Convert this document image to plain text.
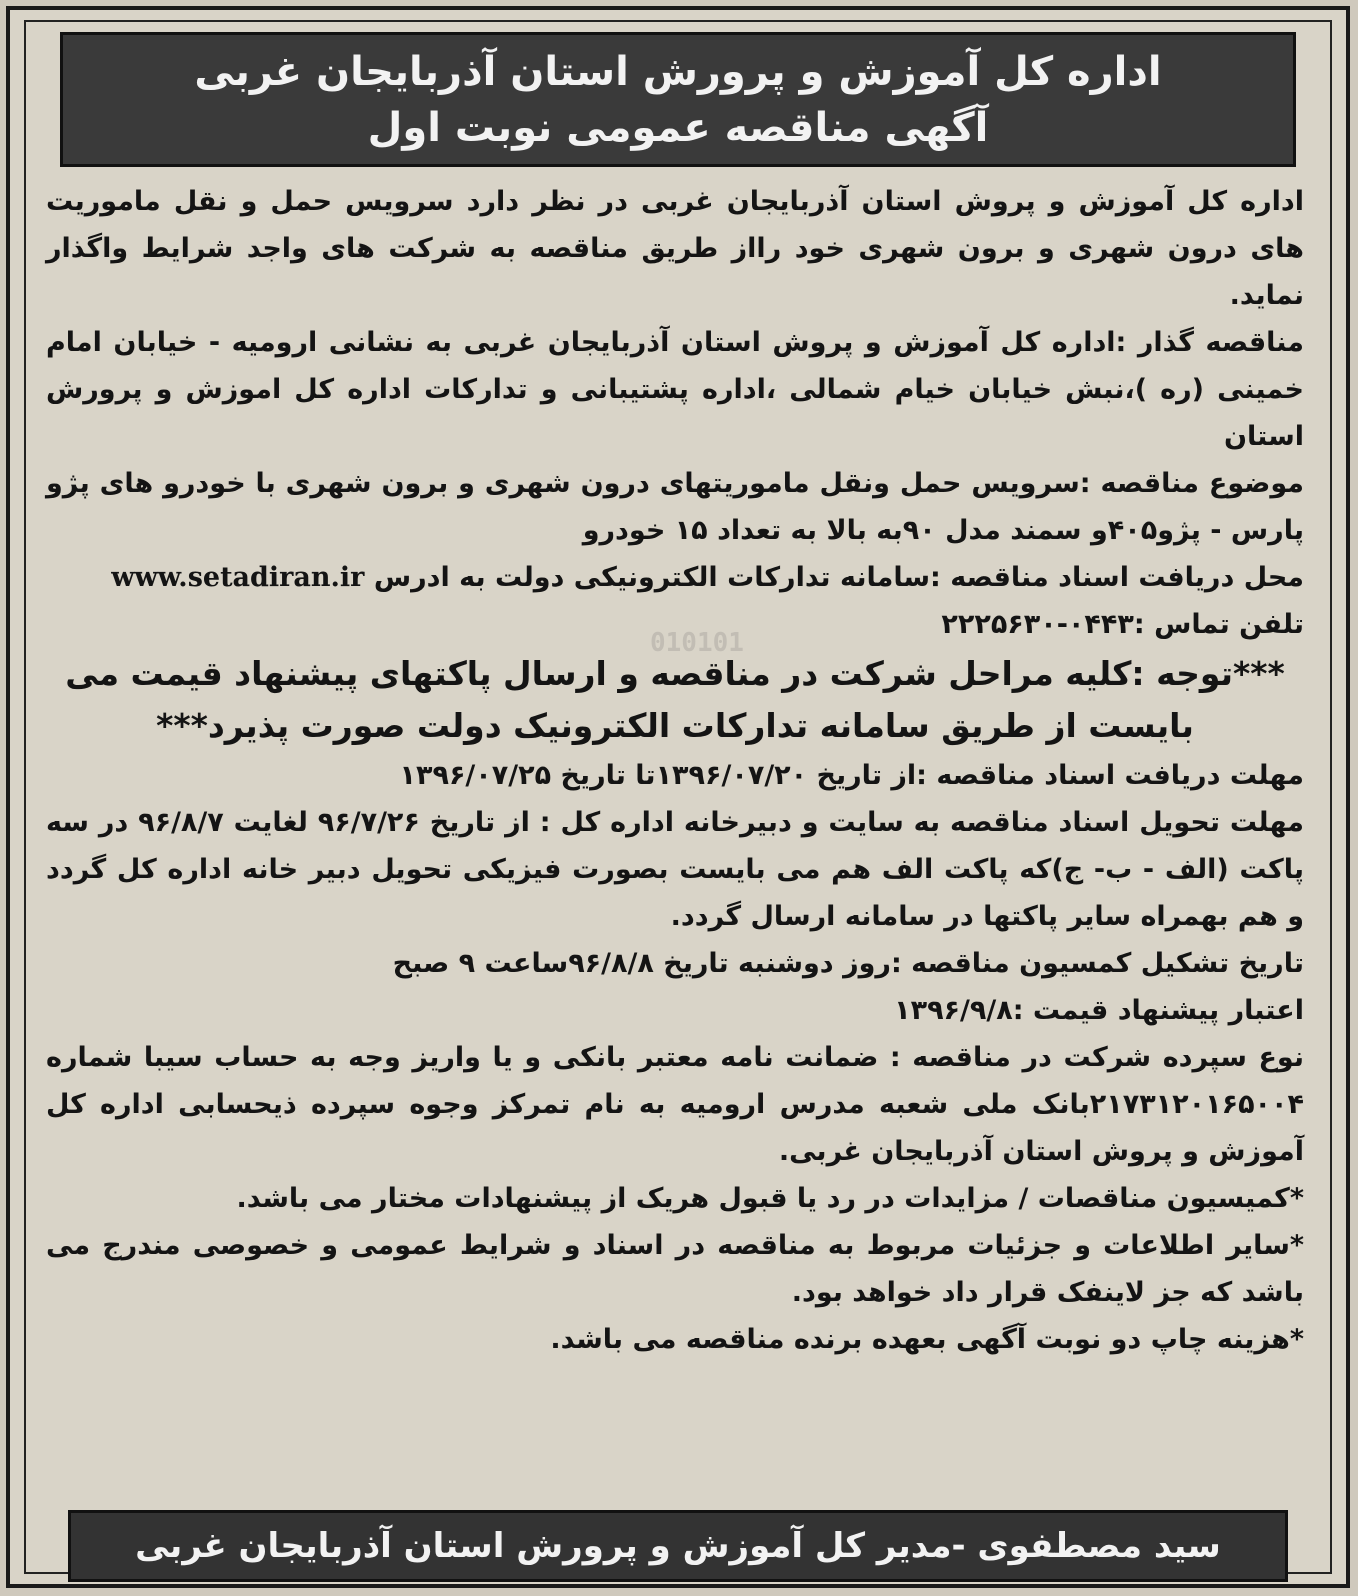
اداره کل آموزش و پرورش استان آذربایجان غربی
آگهی مناقصه عمومی نوبت اول

اداره کل آموزش و پروش استان آذربایجان غربی در نظر دارد سرویس حمل و نقل ماموریت های درون شهری و برون شهری خود رااز طریق مناقصه به شرکت های واجد شرایط واگذار نماید.

مناقصه گذار :اداره کل آموزش و پروش استان آذربایجان غربی به نشانی ارومیه - خیابان امام خمینی (ره )،نبش خیابان خیام شمالی ،اداره پشتیبانی و تدارکات اداره کل اموزش و پرورش استان

موضوع مناقصه :سرویس حمل ونقل ماموریتهای درون شهری و برون شهری با خودرو های پژو پارس - پژو۴۰۵و سمند مدل ۹۰به بالا به تعداد ۱۵ خودرو

محل دریافت اسناد مناقصه :سامانه تدارکات الکترونیکی دولت به ادرس www.setadiran.ir

تلفن تماس :۰۴۴۳-۲۲۲۵۶۳۰

***توجه :کلیه مراحل شرکت در مناقصه و ارسال پاکتهای پیشنهاد قیمت می بایست از طریق سامانه تدارکات الکترونیک دولت صورت پذیرد***

مهلت دریافت اسناد مناقصه :از تاریخ ۱۳۹۶/۰۷/۲۰تا تاریخ ۱۳۹۶/۰۷/۲۵

مهلت تحویل اسناد مناقصه به سایت و دبیرخانه اداره کل : از تاریخ ۹۶/۷/۲۶ لغایت ۹۶/۸/۷ در سه پاکت (الف - ب- ج)که پاکت الف هم می بایست بصورت فیزیکی تحویل دبیر خانه اداره کل گردد و هم بهمراه سایر پاکتها در سامانه ارسال گردد.

تاریخ تشکیل کمسیون مناقصه :روز دوشنبه تاریخ ۹۶/۸/۸ساعت ۹ صبح

اعتبار پیشنهاد قیمت :۱۳۹۶/۹/۸

نوع سپرده شرکت در مناقصه : ضمانت نامه معتبر بانکی و یا واریز وجه به حساب سیبا شماره ۲۱۷۳۱۲۰۱۶۵۰۰۴بانک ملی شعبه مدرس ارومیه به نام تمرکز وجوه سپرده ذیحسابی اداره کل آموزش و پروش استان آذربایجان غربی.

*کمیسیون مناقصات / مزایدات در رد یا قبول هریک از پیشنهادات مختار می باشد.

*سایر اطلاعات و جزئیات مربوط به مناقصه در اسناد و شرایط عمومی و خصوصی مندرج می باشد که جز لاینفک قرار داد خواهد بود.

*هزینه چاپ دو نوبت آگهی بعهده برنده مناقصه می باشد.

010101
سید مصطفوی -مدیر کل آموزش و پرورش استان آذربایجان غربی
